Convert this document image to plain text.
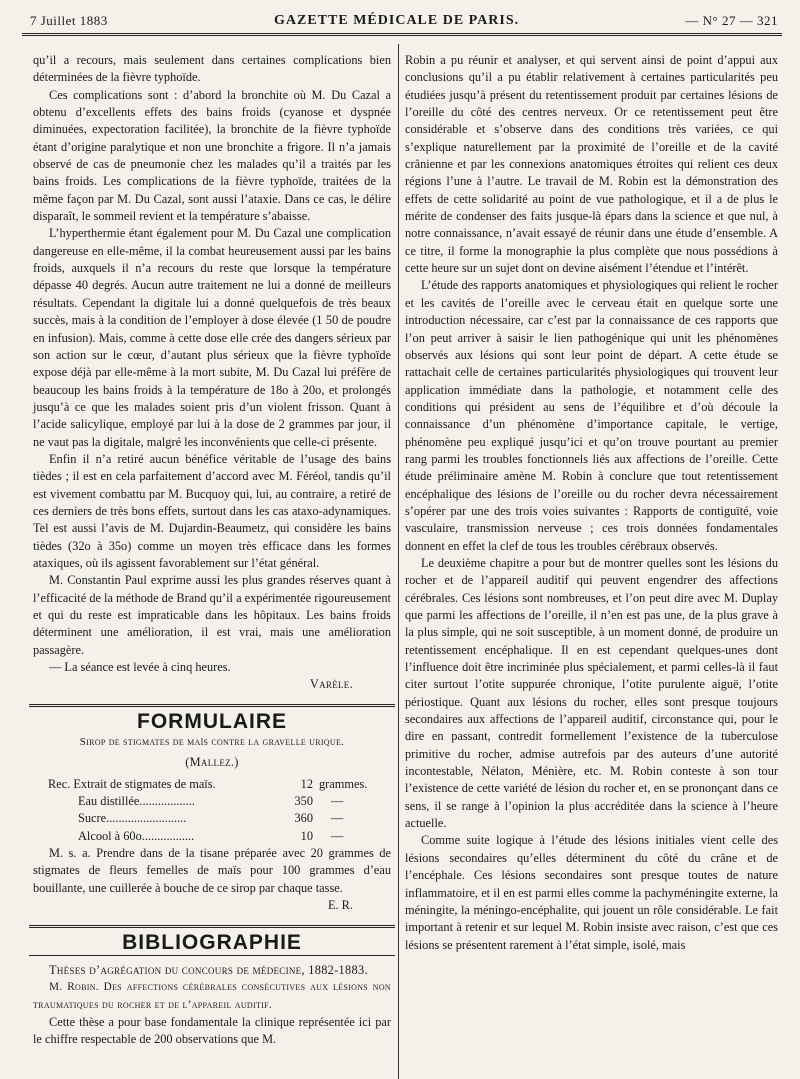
7 Juillet 1883	GAZETTE MÉDICALE DE PARIS.	— N° 27 — 321

qu’il a recours, mais seulement dans certaines complications bien déterminées de la fièvre typhoïde.

Ces complications sont : d’abord la bronchite où M. Du Cazal a obtenu d’excellents effets des bains froids (cyanose et dyspnée diminuées, expectoration facilitée), la bronchite de la fièvre typhoïde étant d’origine paralytique et non une bronchite a frigore. Il n’a jamais observé de cas de pneumonie chez les malades qu’il a traités par les bains froids. Les complications de la fièvre typhoïde, traitées de la même façon par M. Du Cazal, sont aussi l’ataxie. Dans ce cas, le délire disparaît, le sommeil revient et la température s’abaisse.

L’hyperthermie étant également pour M. Du Cazal une complication dangereuse en elle-même, il la combat heureusement aussi par les bains froids, auxquels il n’a recours du reste que lorsque la température dépasse 40 degrés. Aucun autre traitement ne lui a donné de meilleurs résultats. Cependant la digitale lui a donné quelquefois de très beaux succès, mais à la condition de l’employer à dose élevée (1 50 de poudre en infusion). Mais, comme à cette dose elle crée des dangers sérieux par son action sur le cœur, d’autant plus sérieux que la fièvre typhoïde expose déjà par elle-même à la mort subite, M. Du Cazal lui préfère de beaucoup les bains froids à la température de 18o à 20o, et prolongés jusqu’à ce que les malades soient pris d’un violent frisson. Quant à l’acide salicylique, employé par lui à la dose de 2 grammes par jour, il ne vaut pas la digitale, malgré les inconvénients que celle-ci présente.

Enfin il n’a retiré aucun bénéfice véritable de l’usage des bains tièdes ; il est en cela parfaitement d’accord avec M. Féréol, tandis qu’il est vivement combattu par M. Bucquoy qui, lui, au contraire, a retiré de ces derniers de très bons effets, surtout dans les cas ataxo-adynamiques. Tel est aussi l’avis de M. Dujardin-Beaumetz, qui considère les bains tièdes (32o à 35o) comme un moyen très efficace dans les formes ataxiques, où ils agissent favorablement sur l’état général.

M. Constantin Paul exprime aussi les plus grandes réserves quant à l’efficacité de la méthode de Brand qu’il a expérimentée rigoureusement et qui du reste est impraticable dans les hôpitaux. Les bains froids déterminent une amélioration, il est vrai, mais une amélioration passagère.

— La séance est levée à cinq heures.

Varèle.

FORMULAIRE

Sirop de stigmates de maïs contre la gravelle urique.

(Mallez.)

Rec. Extrait de stigmates de maïs.	12 grammes.
Eau distillée..................	350 —
Sucre..........................	360 —
Alcool à 60o.................	10 —

M. s. a. Prendre dans de la tisane préparée avec 20 grammes de stigmates de fleurs femelles de maïs pour 100 grammes d’eau bouillante, une cuillerée à bouche de ce sirop par chaque tasse.

E. R.

BIBLIOGRAPHIE

Thèses d’agrégation du concours de médecine, 1882-1883.

M. Robin. Des affections cérébrales consécutives aux lésions non traumatiques du rocher et de l’appareil auditif.

Cette thèse a pour base fondamentale la clinique représentée ici par le chiffre respectable de 200 observations que M.

Robin a pu réunir et analyser, et qui servent ainsi de point d’appui aux conclusions qu’il a pu établir relativement à certaines particularités peu étudiées jusqu’à présent du retentissement produit par certaines lésions de l’oreille du côté des centres nerveux. Or ce retentissement peut être considérable et s’observe dans des conditions très variées, ce qui s’explique naturellement par la proximité de l’oreille et de la cavité crânienne et par les connexions anatomiques étroites qui relient ces deux régions l’une à l’autre. Le travail de M. Robin est la démonstration des effets de cette solidarité au point de vue pathologique, et il a de plus le mérite de condenser des faits jusque-là épars dans la science et que nul, à notre connaissance, n’avait essayé de réunir dans une étude d’ensemble. A ce titre, il forme la monographie la plus complète que nous possédions à cette heure sur un sujet dont on devine aisément l’étendue et l’intérêt.

L’étude des rapports anatomiques et physiologiques qui relient le rocher et les cavités de l’oreille avec le cerveau était en quelque sorte une introduction nécessaire, car c’est par la connaissance de ces rapports que l’on peut arriver à saisir le lien pathogénique qui unit les phénomènes observés aux lésions qui sont leur point de départ. A cette étude se rattachait celle de certaines particularités physiologiques qui trouvent leur application immédiate dans la pathologie, et notamment celle des conditions qui président au sens de l’équilibre et d’où découle la connaissance d’un phénomène d’importance capitale, le vertige, phénomène peu expliqué jusqu’ici et qu’on trouve pourtant au premier rang parmi les troubles fonctionnels liés aux affections de l’oreille. Cette étude préliminaire amène M. Robin à conclure que tout retentissement encéphalique des lésions de l’oreille ou du rocher devra nécessairement s’opérer par une des trois voies suivantes : Rapports de contiguïté, voie vasculaire, transmission nerveuse ; ces trois données fondamentales donnent en effet la clef de tous les troubles cérébraux observés.

Le deuxième chapitre a pour but de montrer quelles sont les lésions du rocher et de l’appareil auditif qui peuvent engendrer des affections cérébrales. Ces lésions sont nombreuses, et l’on peut dire avec M. Duplay que parmi les affections de l’oreille, il n’en est pas une, de la plus grave à la plus simple, qui ne soit susceptible, à un moment donné, de produire un retentissement encéphalique. Il en est cependant quelques-unes dont l’influence doit être incriminée plus spécialement, et parmi celles-là il faut citer surtout l’otite suppurée chronique, l’otite purulente aiguë, l’otite périostique. Quant aux lésions du rocher, elles sont presque toujours secondaires aux affections de l’appareil auditif, circonstance qui, pour le dire en passant, contredit formellement l’existence de la tuberculose primitive du rocher, admise autrefois par des auteurs d’une autorité incontestable, Nélaton, Ménière, etc. M. Robin conteste à son tour l’existence de cette variété de lésion du rocher et, en se prononçant dans ce sens, il se range à l’opinion la plus accréditée dans la science à l’heure actuelle.

Comme suite logique à l’étude des lésions initiales vient celle des lésions secondaires qu’elles déterminent du côté du crâne et de l’encéphale. Ces lésions secondaires sont presque toutes de nature inflammatoire, et il en est parmi elles comme la pachyméningite externe, la méningite, la méningo-encéphalite, qui jouent un rôle considérable. Le fait important à retenir et sur lequel M. Robin insiste avec raison, c’est que ces lésions se présentent rarement à l’état simple, isolé, mais
